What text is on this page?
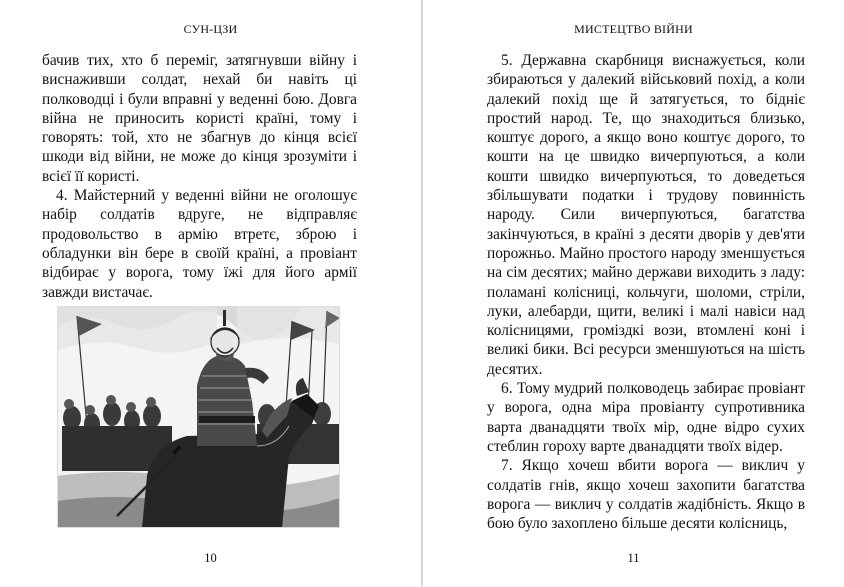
СУН-ЦЗИ
10
МИСТЕЦТВО ВІЙНИ
11

бачив тих, хто б переміг, затягнувши війну і виснаживши солдат, нехай би навіть ці полководці і були вправні у веденні бою. Довга війна не приносить користі країні, тому і говорять: той, хто не збагнув до кінця всієї шкоди від війни, не може до кінця зрозуміти і всієї її користі.

4. Майстерний у веденні війни не оголошує набір солдатів вдруге, не відправляє продовольство в армію втретє, зброю і обладунки він бере в своїй країні, а провіант відбирає у ворога, тому їжі для його армії завжди вистачає.

5. Державна скарбниця виснажується, коли збираються у далекий військовий похід, а коли далекий похід ще й затягується, то бідніє простий народ. Те, що знаходиться близько, коштує дорого, а якщо воно коштує дорого, то кошти на це швидко вичерпуються, а коли кошти швидко вичерпуються, то доведеться збільшувати податки і трудову повинність народу. Сили вичерпуються, багатства закінчуються, в країні з десяти дворів у дев'яти порожньо. Майно простого народу зменшується на сім десятих; майно держави виходить з ладу: поламані колісниці, кольчуги, шоломи, стріли, луки, алебарди, щити, великі і малі навіси над колісницями, громіздкі вози, втомлені коні і великі бики. Всі ресурси зменшуються на шість десятих.

6. Тому мудрий полководець забирає провіант у ворога, одна міра провіанту супротивника варта дванадцяти твоїх мір, одне відро сухих стеблин гороху варте дванадцяти твоїх відер.

7. Якщо хочеш вбити ворога — виклич у солдатів гнів, якщо хочеш захопити багатства ворога — виклич у солдатів жадібність. Якщо в бою було захоплено більше десяти колісниць,
